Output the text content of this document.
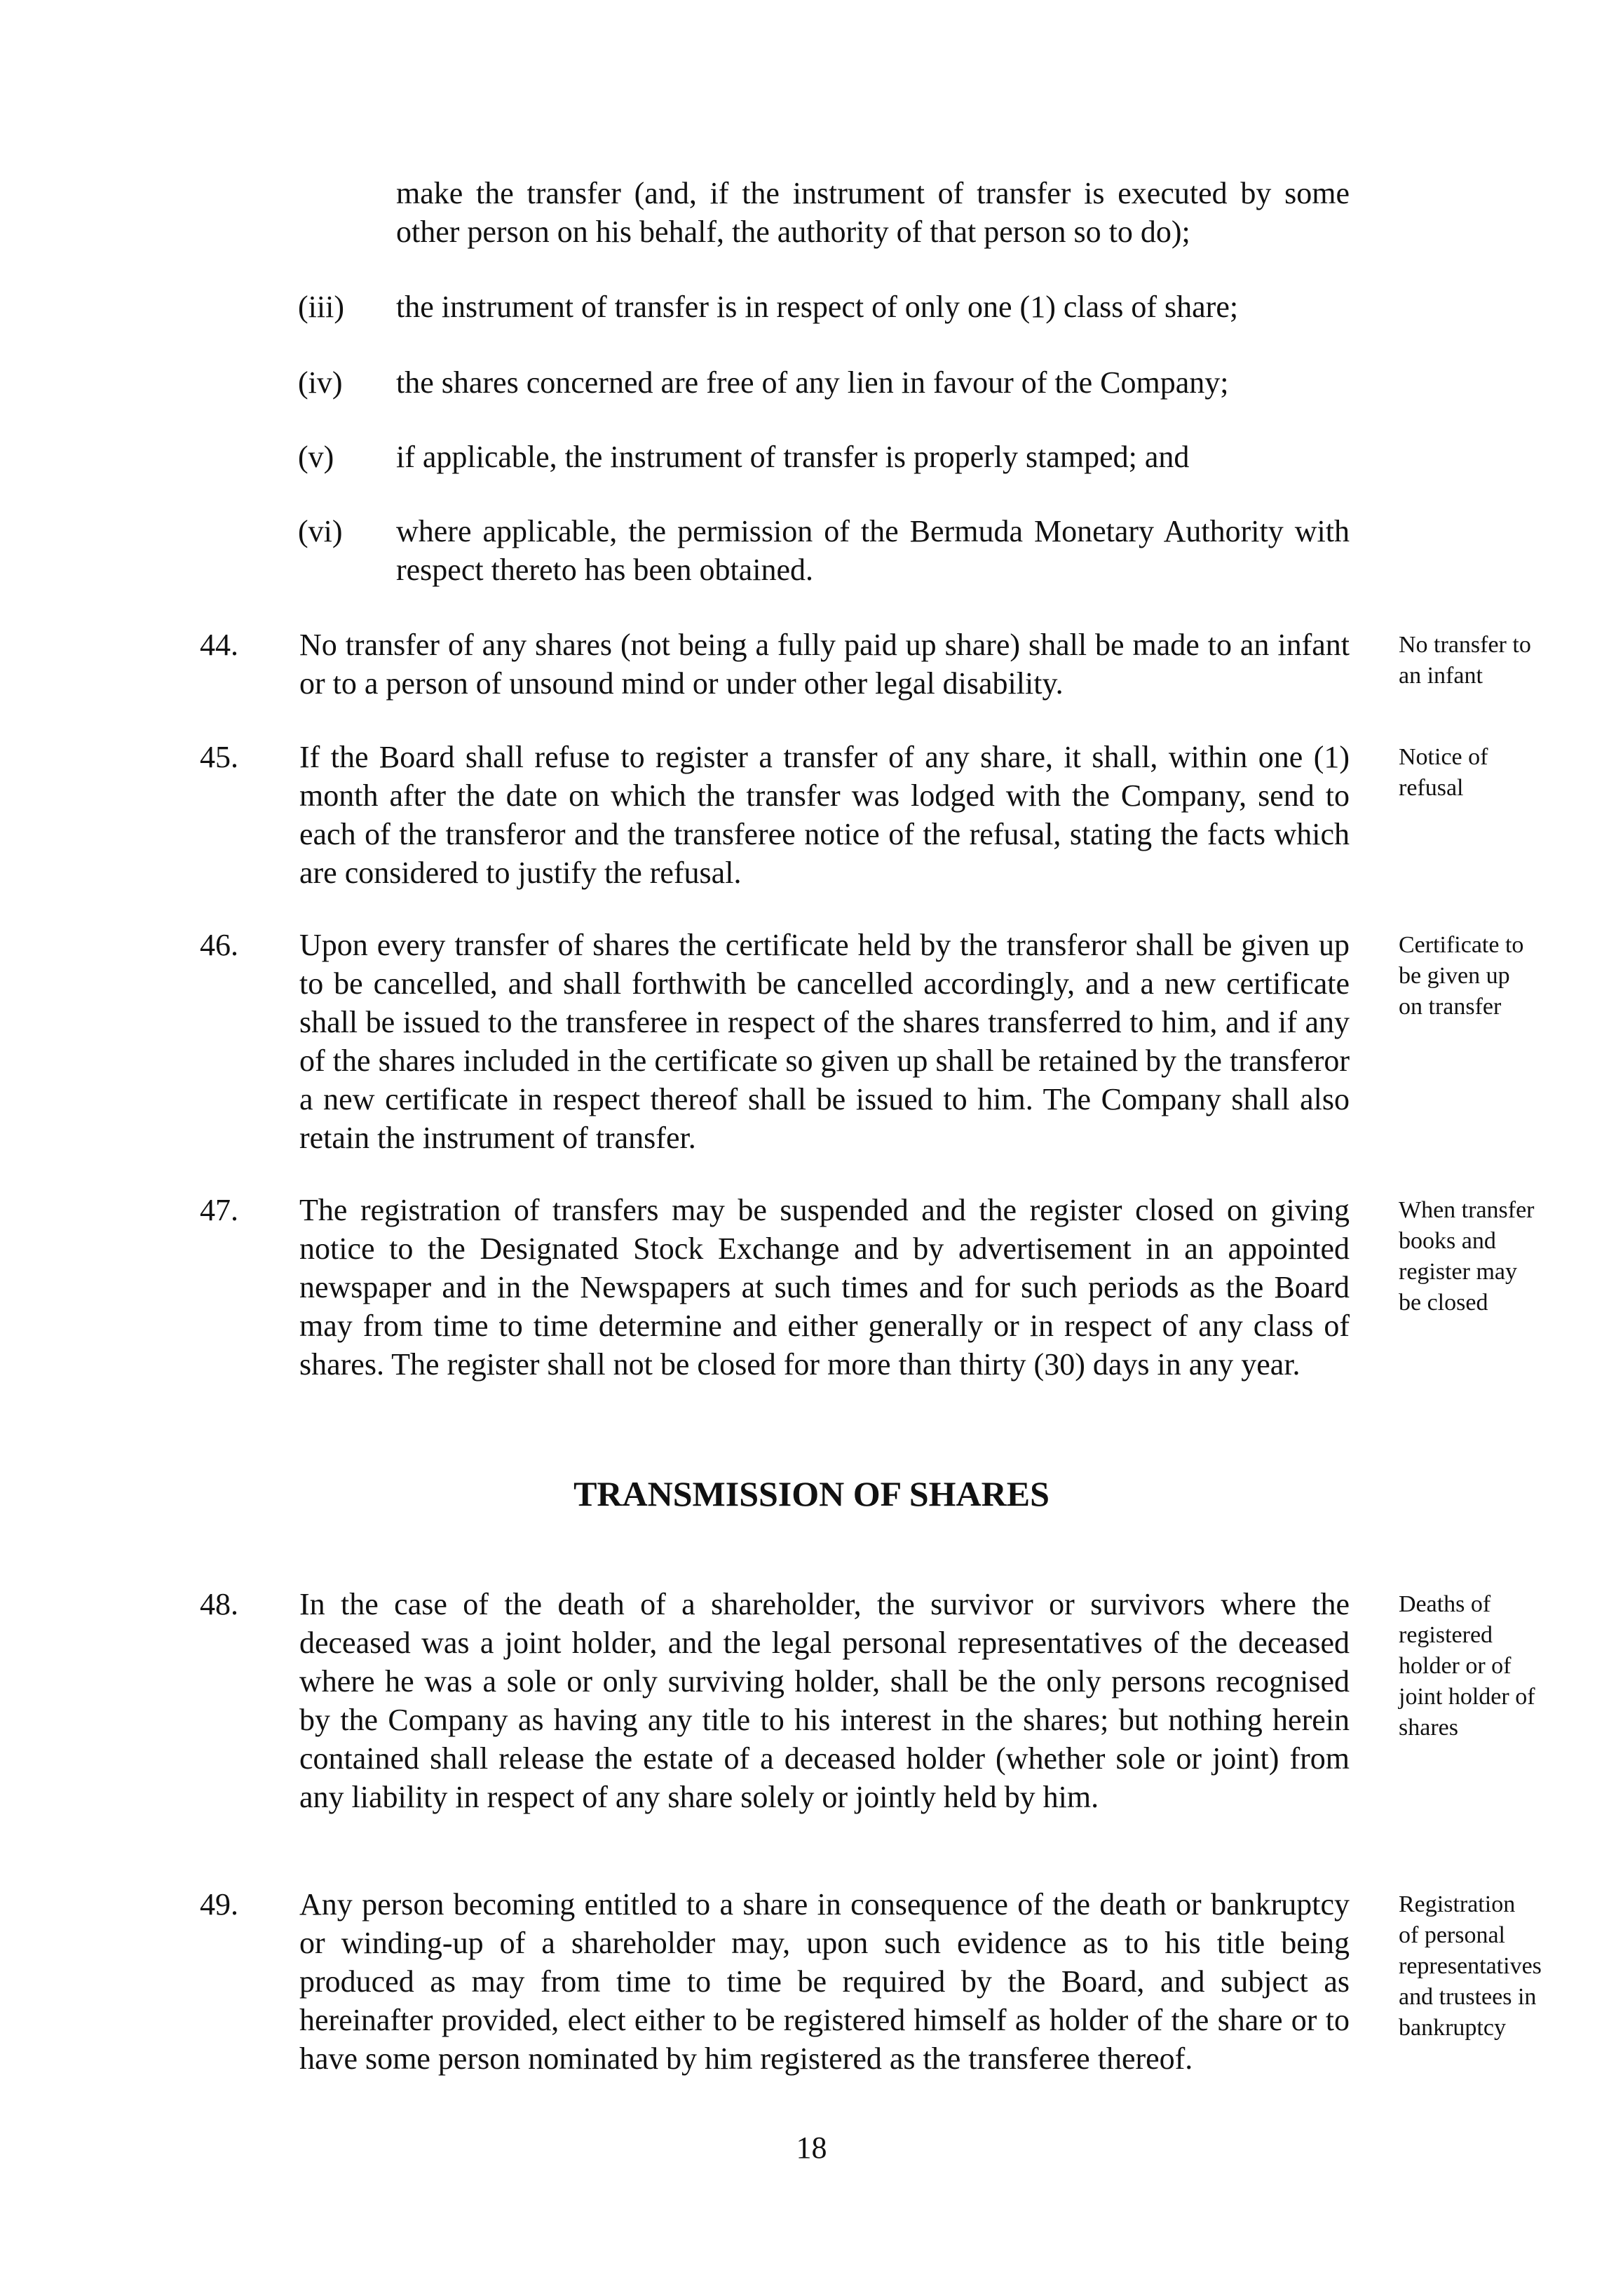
make the transfer (and, if the instrument of transfer is executed by some other person on his behalf, the authority of that person so to do);
(iii) the instrument of transfer is in respect of only one (1) class of share;
(iv) the shares concerned are free of any lien in favour of the Company;
(v) if applicable, the instrument of transfer is properly stamped; and
(vi) where applicable, the permission of the Bermuda Monetary Authority with respect thereto has been obtained.
44. No transfer of any shares (not being a fully paid up share) shall be made to an infant or to a person of unsound mind or under other legal disability.
No transfer to an infant
45. If the Board shall refuse to register a transfer of any share, it shall, within one (1) month after the date on which the transfer was lodged with the Company, send to each of the transferor and the transferee notice of the refusal, stating the facts which are considered to justify the refusal.
Notice of refusal
46. Upon every transfer of shares the certificate held by the transferor shall be given up to be cancelled, and shall forthwith be cancelled accordingly, and a new certificate shall be issued to the transferee in respect of the shares transferred to him, and if any of the shares included in the certificate so given up shall be retained by the transferor a new certificate in respect thereof shall be issued to him. The Company shall also retain the instrument of transfer.
Certificate to be given up on transfer
47. The registration of transfers may be suspended and the register closed on giving notice to the Designated Stock Exchange and by advertisement in an appointed newspaper and in the Newspapers at such times and for such periods as the Board may from time to time determine and either generally or in respect of any class of shares. The register shall not be closed for more than thirty (30) days in any year.
When transfer books and register may be closed
TRANSMISSION OF SHARES
48. In the case of the death of a shareholder, the survivor or survivors where the deceased was a joint holder, and the legal personal representatives of the deceased where he was a sole or only surviving holder, shall be the only persons recognised by the Company as having any title to his interest in the shares; but nothing herein contained shall release the estate of a deceased holder (whether sole or joint) from any liability in respect of any share solely or jointly held by him.
Deaths of registered holder or of joint holder of shares
49. Any person becoming entitled to a share in consequence of the death or bankruptcy or winding-up of a shareholder may, upon such evidence as to his title being produced as may from time to time be required by the Board, and subject as hereinafter provided, elect either to be registered himself as holder of the share or to have some person nominated by him registered as the transferee thereof.
Registration of personal representatives and trustees in bankruptcy
18
